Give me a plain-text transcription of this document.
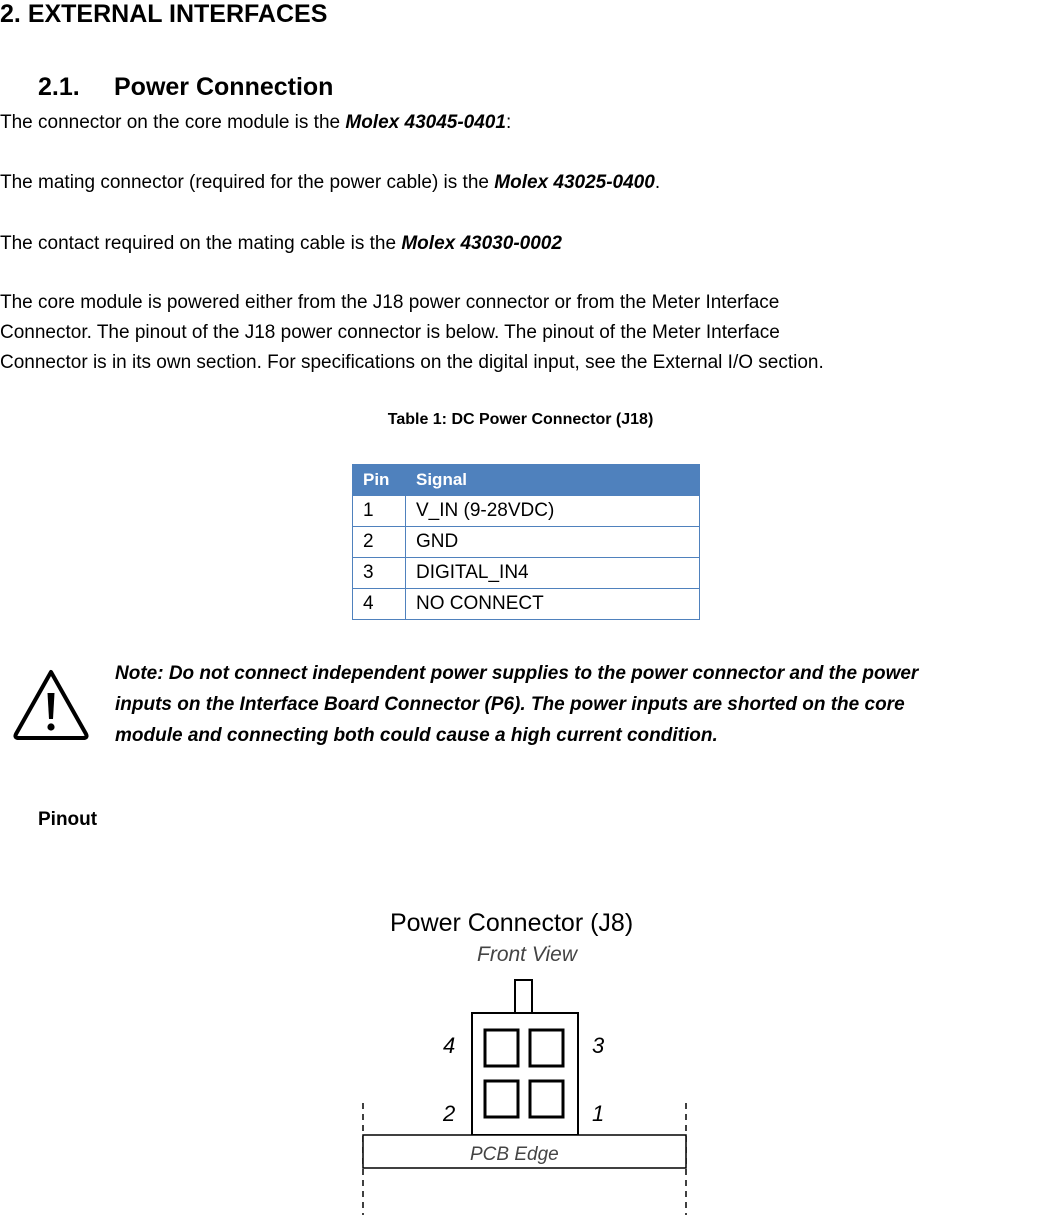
2. EXTERNAL INTERFACES
2.1. Power Connection
The connector on the core module is the Molex 43045-0401:
The mating connector (required for the power cable) is the Molex 43025-0400.
The contact required on the mating cable is the Molex 43030-0002
The core module is powered either from the J18 power connector or from the Meter Interface
Connector. The pinout of the J18 power connector is below. The pinout of the Meter Interface
Connector is in its own section. For specifications on the digital input, see the External I/O section.
Table 1: DC Power Connector (J18)
Pin	Signal
1	V_IN (9-28VDC)
2	GND
3	DIGITAL_IN4
4	NO CONNECT
Note: Do not connect independent power supplies to the power connector and the power
inputs on the Interface Board Connector (P6). The power inputs are shorted on the core
module and connecting both could cause a high current condition.
Pinout
Power Connector (J8)
Front View
4	3
2	1
PCB Edge
